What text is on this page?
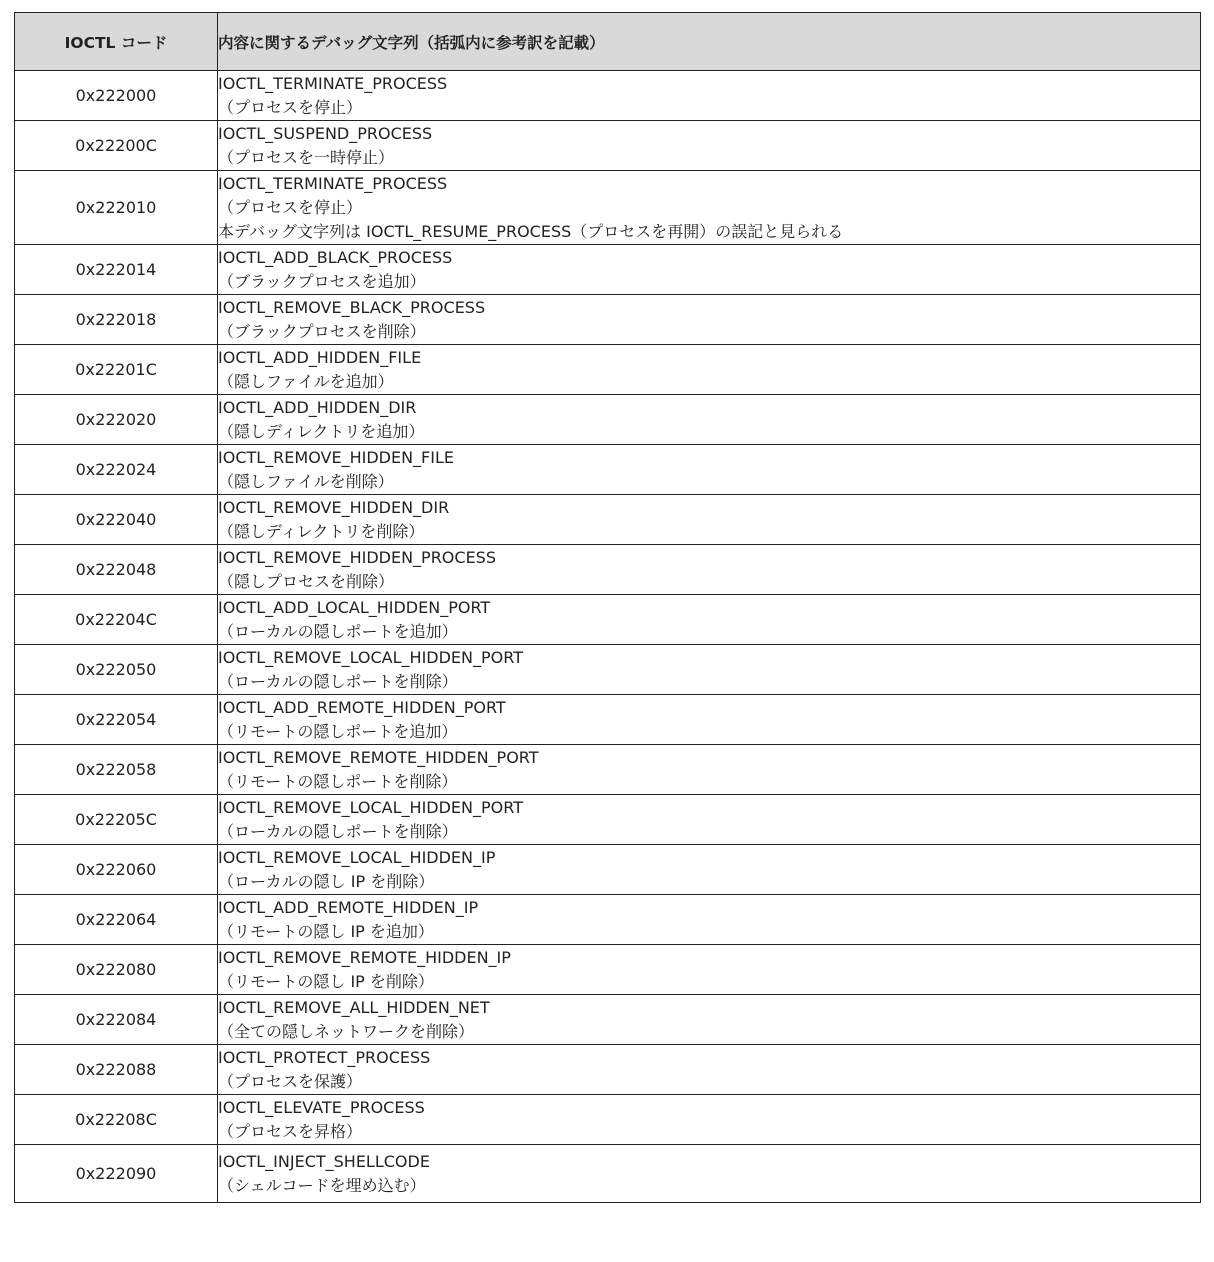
IOCTL コード	内容に関するデバッグ文字列（括弧内に参考訳を記載）
0x222000	IOCTL_TERMINATE_PROCESS
（プロセスを停止）

0x22200C	IOCTL_SUSPEND_PROCESS
（プロセスを一時停止）

0x222010	IOCTL_TERMINATE_PROCESS
（プロセスを停止）
本デバッグ文字列は IOCTL_RESUME_PROCESS（プロセスを再開）の誤記と見られる

0x222014	IOCTL_ADD_BLACK_PROCESS
（ブラックプロセスを追加）

0x222018	IOCTL_REMOVE_BLACK_PROCESS
（ブラックプロセスを削除）

0x22201C	IOCTL_ADD_HIDDEN_FILE
（隠しファイルを追加）

0x222020	IOCTL_ADD_HIDDEN_DIR
（隠しディレクトリを追加）

0x222024	IOCTL_REMOVE_HIDDEN_FILE
（隠しファイルを削除）

0x222040	IOCTL_REMOVE_HIDDEN_DIR
（隠しディレクトリを削除）

0x222048	IOCTL_REMOVE_HIDDEN_PROCESS
（隠しプロセスを削除）

0x22204C	IOCTL_ADD_LOCAL_HIDDEN_PORT
（ローカルの隠しポートを追加）

0x222050	IOCTL_REMOVE_LOCAL_HIDDEN_PORT
（ローカルの隠しポートを削除）

0x222054	IOCTL_ADD_REMOTE_HIDDEN_PORT
（リモートの隠しポートを追加）

0x222058	IOCTL_REMOVE_REMOTE_HIDDEN_PORT
（リモートの隠しポートを削除）

0x22205C	IOCTL_REMOVE_LOCAL_HIDDEN_PORT
（ローカルの隠しポートを削除）

0x222060	IOCTL_REMOVE_LOCAL_HIDDEN_IP
（ローカルの隠し IP を削除）

0x222064	IOCTL_ADD_REMOTE_HIDDEN_IP
（リモートの隠し IP を追加）

0x222080	IOCTL_REMOVE_REMOTE_HIDDEN_IP
（リモートの隠し IP を削除）

0x222084	IOCTL_REMOVE_ALL_HIDDEN_NET
（全ての隠しネットワークを削除）

0x222088	IOCTL_PROTECT_PROCESS
（プロセスを保護）

0x22208C	IOCTL_ELEVATE_PROCESS
（プロセスを昇格）

0x222090	IOCTL_INJECT_SHELLCODE
（シェルコードを埋め込む）
